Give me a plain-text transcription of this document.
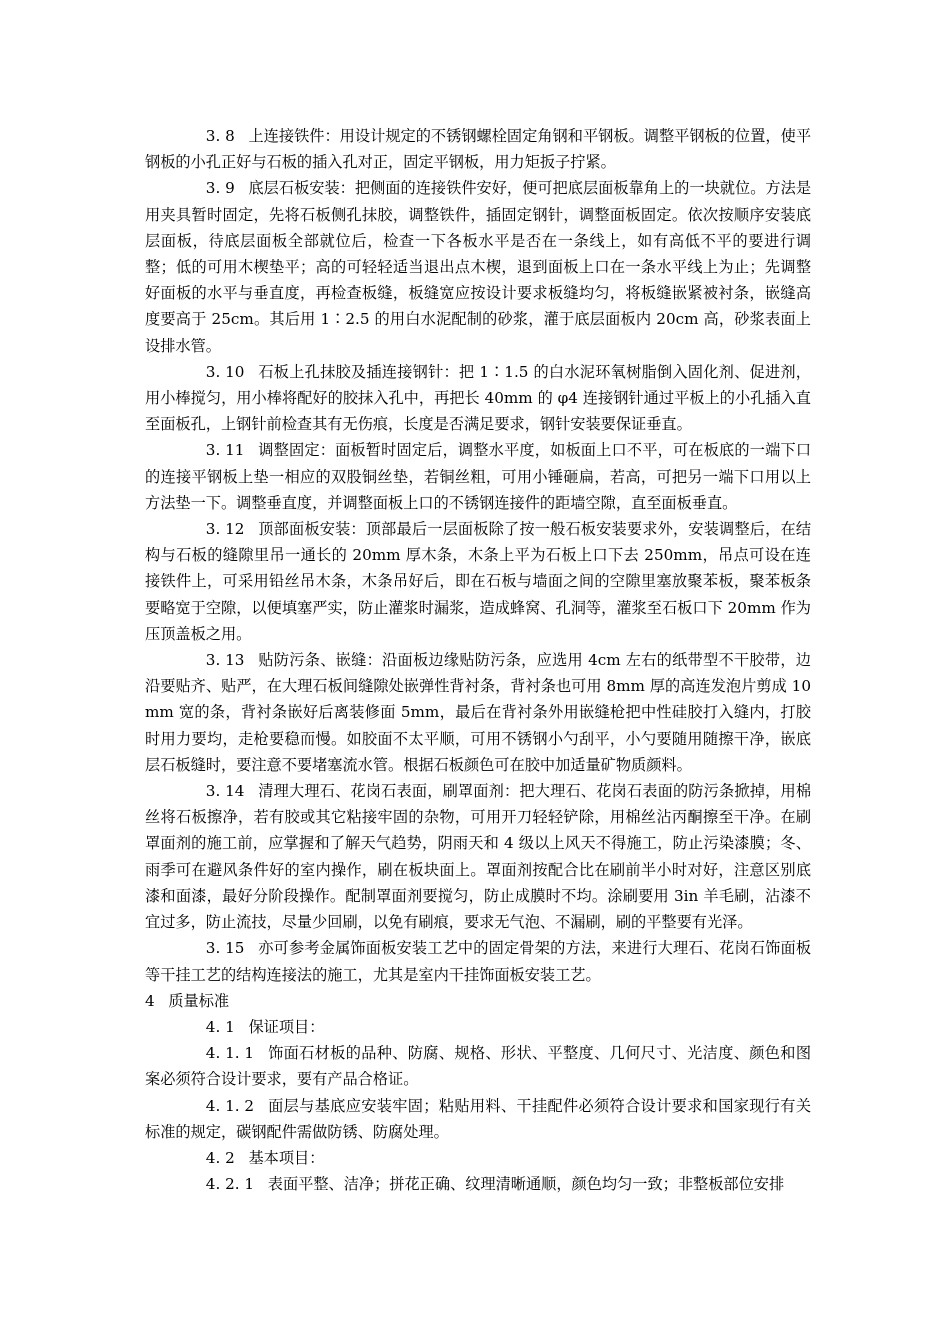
3. 8 上连接铁件：用设计规定的不锈钢螺栓固定角钢和平钢板。调整平钢板的位置，使平钢板的小孔正好与石板的插入孔对正，固定平钢板，用力矩扳子拧紧。

3. 9 底层石板安装：把侧面的连接铁件安好，便可把底层面板靠角上的一块就位。方法是用夹具暂时固定，先将石板侧孔抹胶，调整铁件，插固定钢针，调整面板固定。依次按顺序安装底层面板，待底层面板全部就位后，检查一下各板水平是否在一条线上，如有高低不平的要进行调整；低的可用木楔垫平；高的可轻轻适当退出点木楔，退到面板上口在一条水平线上为止；先调整好面板的水平与垂直度，再检查板缝，板缝宽应按设计要求板缝均匀，将板缝嵌紧被衬条，嵌缝高度要高于 25cm。其后用 1∶2.5 的用白水泥配制的砂浆，灌于底层面板内 20cm 高，砂浆表面上设排水管。

3. 10 石板上孔抹胶及插连接钢针：把 1∶1.5 的白水泥环氧树脂倒入固化剂、促进剂，用小棒搅匀，用小棒将配好的胶抹入孔中，再把长 40mm 的 φ4 连接钢针通过平板上的小孔插入直至面板孔，上钢针前检查其有无伤痕，长度是否满足要求，钢针安装要保证垂直。

3. 11 调整固定：面板暂时固定后，调整水平度，如板面上口不平，可在板底的一端下口的连接平钢板上垫一相应的双股铜丝垫，若铜丝粗，可用小锤砸扁，若高，可把另一端下口用以上方法垫一下。调整垂直度，并调整面板上口的不锈钢连接件的距墙空隙，直至面板垂直。

3. 12 顶部面板安装：顶部最后一层面板除了按一般石板安装要求外，安装调整后，在结构与石板的缝隙里吊一通长的 20mm 厚木条，木条上平为石板上口下去 250mm，吊点可设在连接铁件上，可采用铅丝吊木条，木条吊好后，即在石板与墙面之间的空隙里塞放聚苯板，聚苯板条要略宽于空隙，以便填塞严实，防止灌浆时漏浆，造成蜂窝、孔洞等，灌浆至石板口下 20mm 作为压顶盖板之用。

3. 13 贴防污条、嵌缝：沿面板边缘贴防污条，应选用 4cm 左右的纸带型不干胶带，边沿要贴齐、贴严，在大理石板间缝隙处嵌弹性背衬条，背衬条也可用 8mm 厚的高连发泡片剪成 10mm 宽的条，背衬条嵌好后离装修面 5mm，最后在背衬条外用嵌缝枪把中性硅胶打入缝内，打胶时用力要均，走枪要稳而慢。如胶面不太平顺，可用不锈钢小勺刮平，小勺要随用随擦干净，嵌底层石板缝时，要注意不要堵塞流水管。根据石板颜色可在胶中加适量矿物质颜料。

3. 14 清理大理石、花岗石表面，刷罩面剂：把大理石、花岗石表面的防污条掀掉，用棉丝将石板擦净，若有胶或其它粘接牢固的杂物，可用开刀轻轻铲除，用棉丝沾丙酮擦至干净。在刷罩面剂的施工前，应掌握和了解天气趋势，阴雨天和 4 级以上风天不得施工，防止污染漆膜；冬、雨季可在避风条件好的室内操作，刷在板块面上。罩面剂按配合比在刷前半小时对好，注意区别底漆和面漆，最好分阶段操作。配制罩面剂要搅匀，防止成膜时不均。涂刷要用 3in 羊毛刷，沾漆不宜过多，防止流技，尽量少回刷，以免有刷痕，要求无气泡、不漏刷，刷的平整要有光泽。

3. 15 亦可参考金属饰面板安装工艺中的固定骨架的方法，来进行大理石、花岗石饰面板等干挂工艺的结构连接法的施工，尤其是室内干挂饰面板安装工艺。

4 质量标准

4. 1 保证项目：

4. 1. 1 饰面石材板的品种、防腐、规格、形状、平整度、几何尺寸、光洁度、颜色和图案必须符合设计要求，要有产品合格证。

4. 1. 2 面层与基底应安装牢固；粘贴用料、干挂配件必须符合设计要求和国家现行有关标准的规定，碳钢配件需做防锈、防腐处理。

4. 2 基本项目：

4. 2. 1 表面平整、洁净；拼花正确、纹理清晰通顺，颜色均匀一致；非整板部位安排
